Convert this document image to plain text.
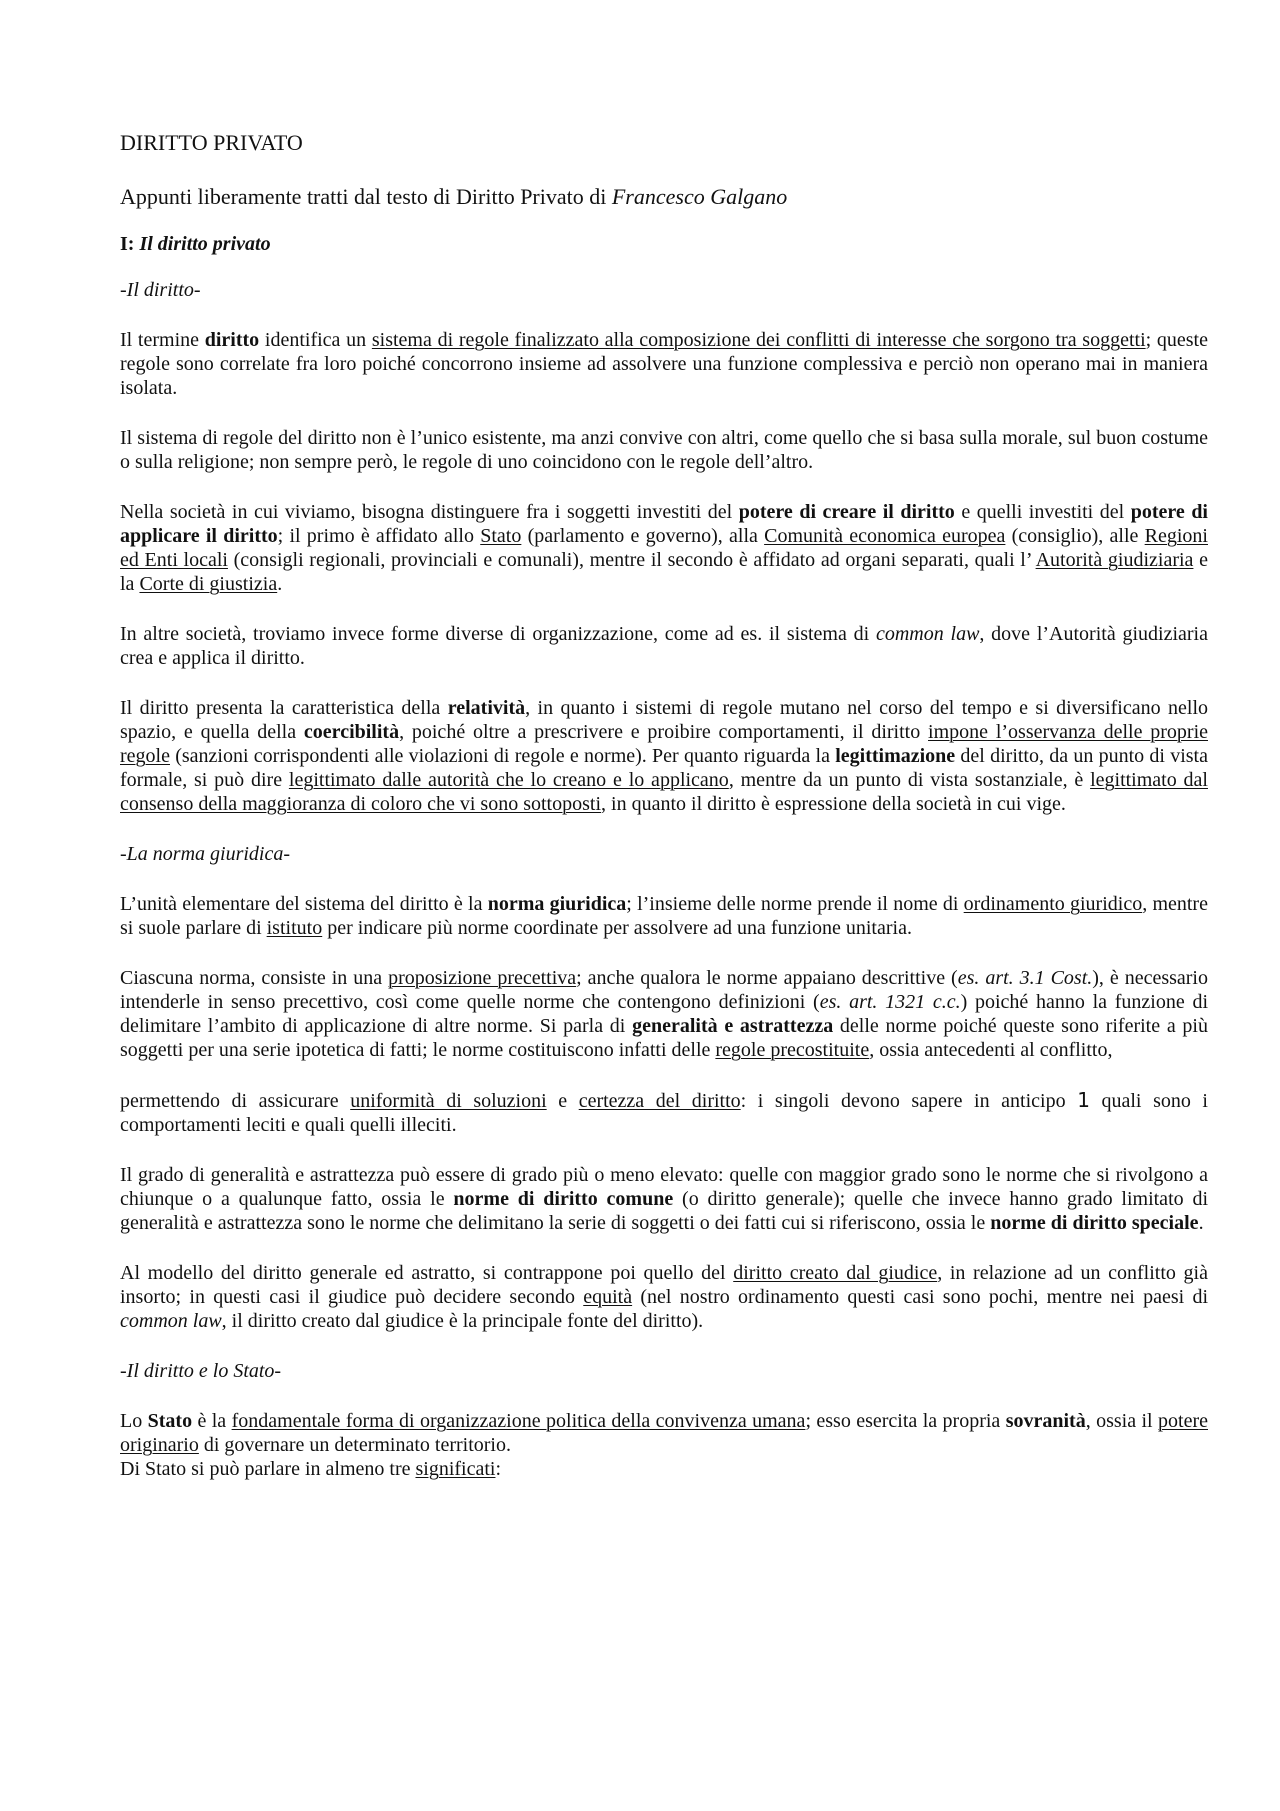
DIRITTO PRIVATO

Appunti liberamente tratti dal testo di Diritto Privato di Francesco Galgano

I: Il diritto privato

-Il diritto-

Il termine diritto identifica un sistema di regole finalizzato alla composizione dei conflitti di interesse che sorgono tra soggetti; queste regole sono correlate fra loro poiché concorrono insieme ad assolvere una funzione complessiva e perciò non operano mai in maniera isolata.

Il sistema di regole del diritto non è l’unico esistente, ma anzi convive con altri, come quello che si basa sulla morale, sul buon costume o sulla religione; non sempre però, le regole di uno coincidono con le regole dell’altro.

Nella società in cui viviamo, bisogna distinguere fra i soggetti investiti del potere di creare il diritto e quelli investiti del potere di applicare il diritto; il primo è affidato allo Stato (parlamento e governo), alla Comunità economica europea (consiglio), alle Regioni ed Enti locali (consigli regionali, provinciali e comunali), mentre il secondo è affidato ad organi separati, quali l’ Autorità giudiziaria e la Corte di giustizia.

In altre società, troviamo invece forme diverse di organizzazione, come ad es. il sistema di common law, dove l’Autorità giudiziaria crea e applica il diritto.

Il diritto presenta la caratteristica della relatività, in quanto i sistemi di regole mutano nel corso del tempo e si diversificano nello spazio, e quella della coercibilità, poiché oltre a prescrivere e proibire comportamenti, il diritto impone l’osservanza delle proprie regole (sanzioni corrispondenti alle violazioni di regole e norme). Per quanto riguarda la legittimazione del diritto, da un punto di vista formale, si può dire legittimato dalle autorità che lo creano e lo applicano, mentre da un punto di vista sostanziale, è legittimato dal consenso della maggioranza di coloro che vi sono sottoposti, in quanto il diritto è espressione della società in cui vige.

-La norma giuridica-

L’unità elementare del sistema del diritto è la norma giuridica; l’insieme delle norme prende il nome di ordinamento giuridico, mentre si suole parlare di istituto per indicare più norme coordinate per assolvere ad una funzione unitaria.

Ciascuna norma, consiste in una proposizione precettiva; anche qualora le norme appaiano descrittive (es. art. 3.1 Cost.), è necessario intenderle in senso precettivo, così come quelle norme che contengono definizioni (es. art. 1321 c.c.) poiché hanno la funzione di delimitare l’ambito di applicazione di altre norme. Si parla di generalità e astrattezza delle norme poiché queste sono riferite a più soggetti per una serie ipotetica di fatti; le norme costituiscono infatti delle regole precostituite, ossia antecedenti al conflitto,

permettendo di assicurare uniformità di soluzioni e certezza del diritto: i singoli devono sapere in anticipo 1 quali sono i comportamenti leciti e quali quelli illeciti.

Il grado di generalità e astrattezza può essere di grado più o meno elevato: quelle con maggior grado sono le norme che si rivolgono a chiunque o a qualunque fatto, ossia le norme di diritto comune (o diritto generale); quelle che invece hanno grado limitato di generalità e astrattezza sono le norme che delimitano la serie di soggetti o dei fatti cui si riferiscono, ossia le norme di diritto speciale.

Al modello del diritto generale ed astratto, si contrappone poi quello del diritto creato dal giudice, in relazione ad un conflitto già insorto; in questi casi il giudice può decidere secondo equità (nel nostro ordinamento questi casi sono pochi, mentre nei paesi di common law, il diritto creato dal giudice è la principale fonte del diritto).

-Il diritto e lo Stato-

Lo Stato è la fondamentale forma di organizzazione politica della convivenza umana; esso esercita la propria sovranità, ossia il potere originario di governare un determinato territorio.

Di Stato si può parlare in almeno tre significati:
